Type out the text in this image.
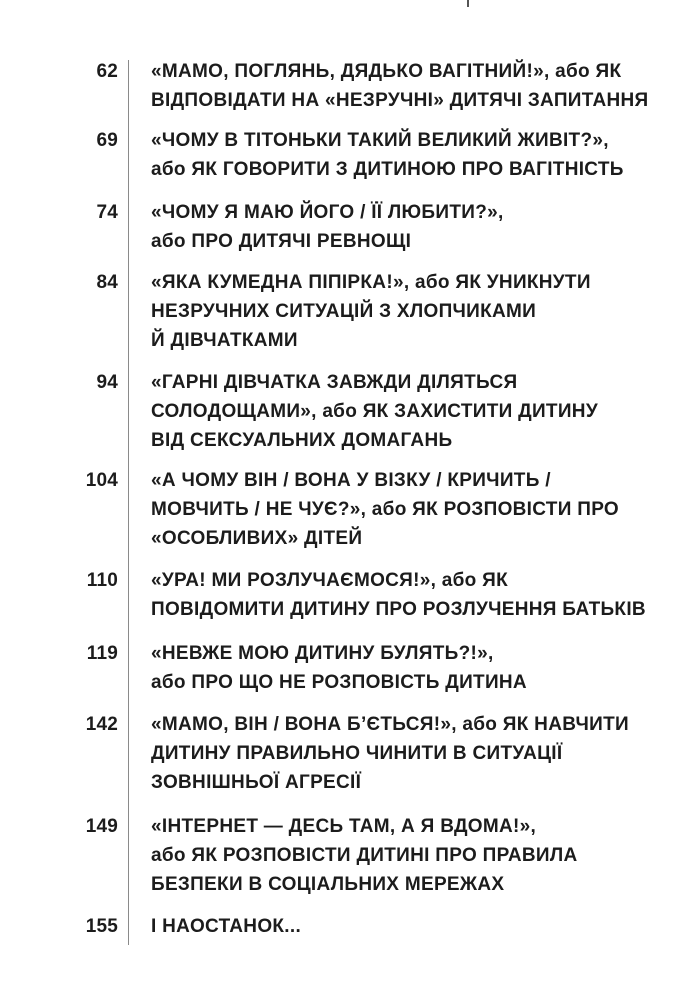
62 «МАМО, ПОГЛЯНЬ, ДЯДЬКО ВАГІТНИЙ!», або ЯК
ВІДПОВІДАТИ НА «НЕЗРУЧНІ» ДИТЯЧІ ЗАПИТАННЯ
69 «ЧОМУ В ТІТОНЬКИ ТАКИЙ ВЕЛИКИЙ ЖИВІТ?»,
або ЯК ГОВОРИТИ З ДИТИНОЮ ПРО ВАГІТНІСТЬ
74 «ЧОМУ Я МАЮ ЙОГО / ЇЇ ЛЮБИТИ?»,
або ПРО ДИТЯЧІ РЕВНОЩІ
84 «ЯКА КУМЕДНА ПІПІРКА!», або ЯК УНИКНУТИ
НЕЗРУЧНИХ СИТУАЦІЙ З ХЛОПЧИКАМИ
Й ДІВЧАТКАМИ
94 «ГАРНІ ДІВЧАТКА ЗАВЖДИ ДІЛЯТЬСЯ
СОЛОДОЩАМИ», або ЯК ЗАХИСТИТИ ДИТИНУ
ВІД СЕКСУАЛЬНИХ ДОМАГАНЬ
104 «А ЧОМУ ВІН / ВОНА У ВІЗКУ / КРИЧИТЬ /
МОВЧИТЬ / НЕ ЧУЄ?», або ЯК РОЗПОВІСТИ ПРО
«ОСОБЛИВИХ» ДІТЕЙ
110 «УРА! МИ РОЗЛУЧАЄМОСЯ!», або ЯК
ПОВІДОМИТИ ДИТИНУ ПРО РОЗЛУЧЕННЯ БАТЬКІВ
119 «НЕВЖЕ МОЮ ДИТИНУ БУЛЯТЬ?!»,
або ПРО ЩО НЕ РОЗПОВІСТЬ ДИТИНА
142 «МАМО, ВІН / ВОНА Б’ЄТЬСЯ!», або ЯК НАВЧИТИ
ДИТИНУ ПРАВИЛЬНО ЧИНИТИ В СИТУАЦІЇ
ЗОВНІШНЬОЇ АГРЕСІЇ
149 «ІНТЕРНЕТ — ДЕСЬ ТАМ, А Я ВДОМА!»,
або ЯК РОЗПОВІСТИ ДИТИНІ ПРО ПРАВИЛА
БЕЗПЕКИ В СОЦІАЛЬНИХ МЕРЕЖАХ
155 І НАОСТАНОК...
